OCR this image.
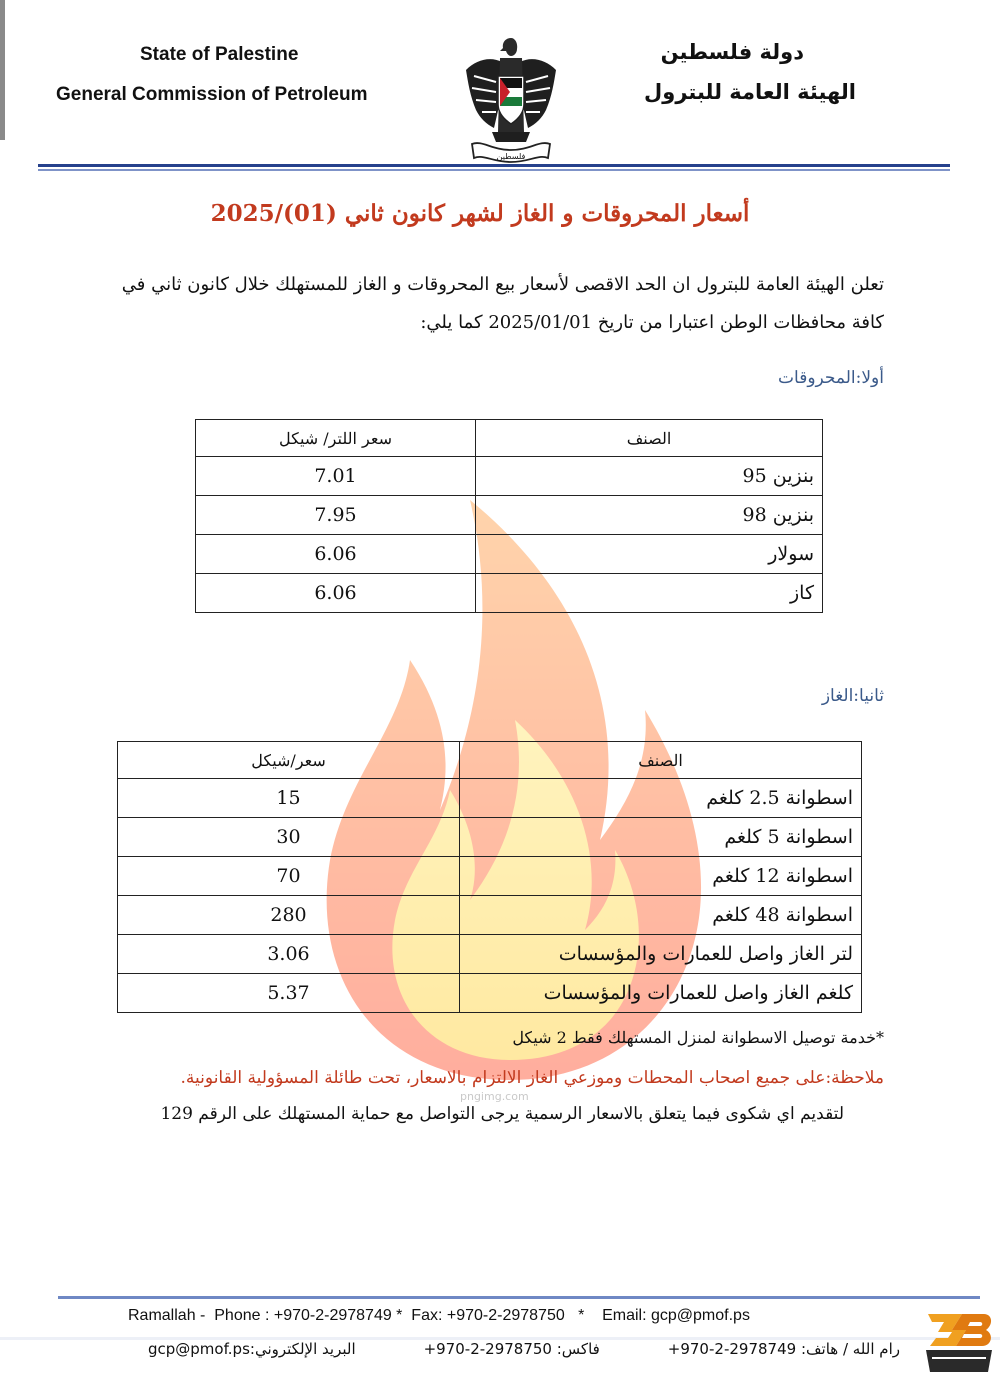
State of Palestine
General Commission of Petroleum
دولة فلسطين
الهيئة العامة للبترول
فلسطين
أسعار المحروقات و الغاز لشهر كانون ثاني (01)/2025

تعلن الهيئة العامة للبترول ان الحد الاقصى لأسعار بيع المحروقات و الغاز للمستهلك خلال كانون ثاني في

كافة محافظات الوطن اعتبارا من تاريخ 2025/01/01 كما يلي:

أولا:المحروقات
الصنف	سعر اللتر/ شيكل
بنزين 95	7.01
بنزين 98	7.95
سولار	6.06
كاز	6.06
ثانيا:الغاز
الصنف	سعر/شيكل
اسطوانة 2.5 كلغم	15
اسطوانة 5 كلغم	30
اسطوانة 12 كلغم	70
اسطوانة 48 كلغم	280
لتر الغاز واصل للعمارات والمؤسسات	3.06
كلغم الغاز واصل للعمارات والمؤسسات	5.37
*خدمة توصيل الاسطوانة لمنزل المستهلك فقط 2 شيكل
ملاحظة:على جميع اصحاب المحطات وموزعي الغاز الالتزام بالاسعار، تحت طائلة المسؤولية القانونية.
pngimg.com
لتقديم اي شكوى فيما يتعلق بالاسعار الرسمية يرجى التواصل مع حماية المستهلك على الرقم 129
Ramallah -  Phone : +970-2-2978749 *  Fax: +970-2-2978750   *    Email: gcp@pmof.ps
البريد الإلكتروني:gcp@pmof.ps	فاكس: 2978750-2-970+	رام الله / هاتف: 2978749-2-970+
